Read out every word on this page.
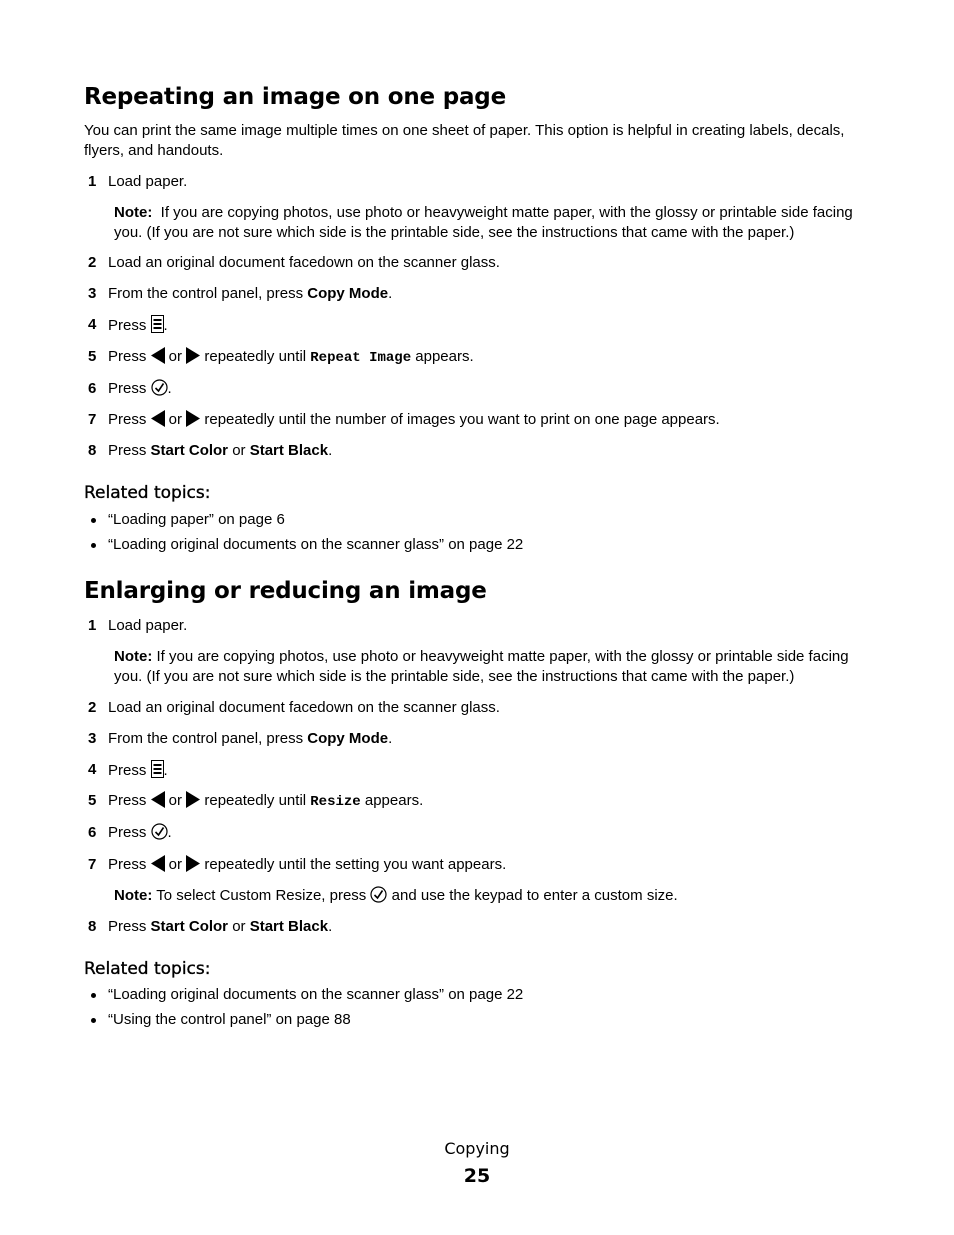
Repeating an image on one page

You can print the same image multiple times on one sheet of paper. This option is helpful in creating labels, decals, flyers, and handouts.

1 Load paper.

Note: If you are copying photos, use photo or heavyweight matte paper, with the glossy or printable side facing you. (If you are not sure which side is the printable side, see the instructions that came with the paper.)

2 Load an original document facedown on the scanner glass.
3 From the control panel, press Copy Mode.
4 Press .
5 Press  or  repeatedly until Repeat Image appears.
6 Press .
7 Press  or  repeatedly until the number of images you want to print on one page appears.
8 Press Start Color or Start Black.
Related topics:
“Loading paper” on page 6
“Loading original documents on the scanner glass” on page 22
Enlarging or reducing an image
1 Load paper.

Note: If you are copying photos, use photo or heavyweight matte paper, with the glossy or printable side facing you. (If you are not sure which side is the printable side, see the instructions that came with the paper.)

2 Load an original document facedown on the scanner glass.
3 From the control panel, press Copy Mode.
4 Press .
5 Press  or  repeatedly until Resize appears.
6 Press .
7 Press  or  repeatedly until the setting you want appears.

Note: To select Custom Resize, press  and use the keypad to enter a custom size.

8 Press Start Color or Start Black.
Related topics:
“Loading original documents on the scanner glass” on page 22
“Using the control panel” on page 88
Copying
25
